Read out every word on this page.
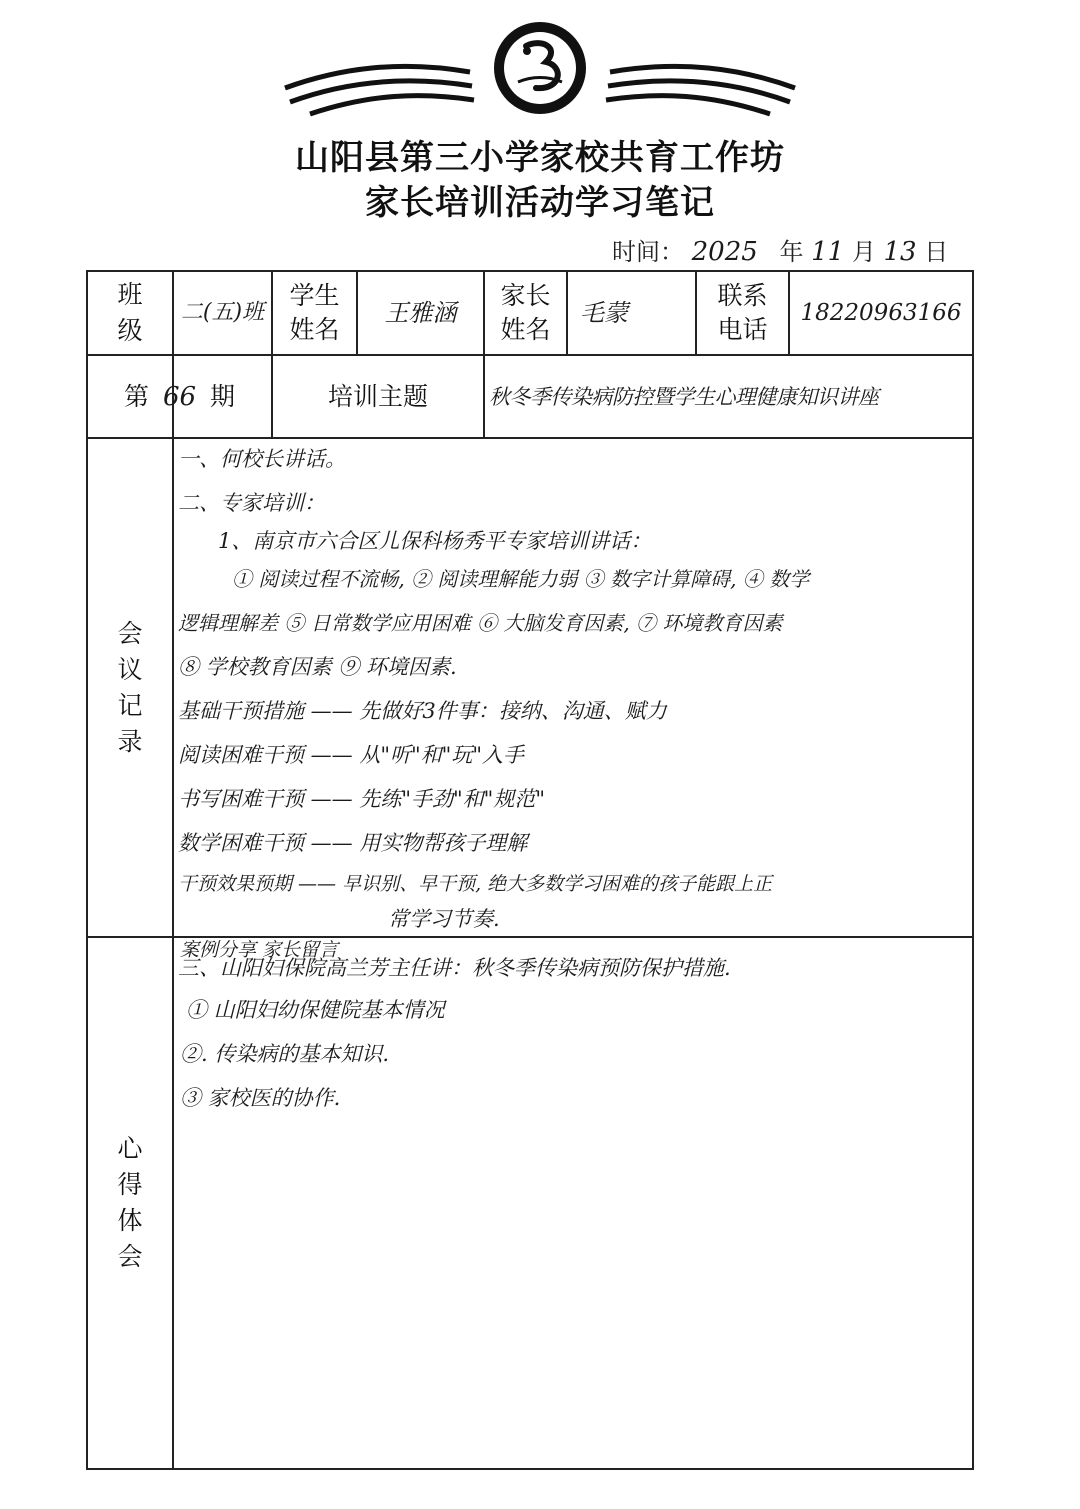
山阳县第三小学家校共育工作坊
家长培训活动学习笔记
时间： 2025 年 11 月 13 日
班级
二(五)班
学生姓名
王雅涵
家长姓名
毛蒙
联系电话
18220963166
第 66 期	培训主题	秋冬季传染病防控暨学生心理健康知识讲座
会议记录
心得体会
一、何校长讲话。
二、专家培训：
1、南京市六合区儿保科杨秀平专家培训讲话：
① 阅读过程不流畅, ② 阅读理解能力弱 ③ 数字计算障碍, ④ 数学
逻辑理解差 ⑤ 日常数学应用困难 ⑥ 大脑发育因素, ⑦ 环境教育因素
⑧ 学校教育因素 ⑨ 环境因素.
基础干预措施 —— 先做好3件事：接纳、沟通、赋力
阅读困难干预 —— 从"听"和"玩"入手
书写困难干预 —— 先练"手劲"和"规范"
数学困难干预 —— 用实物帮孩子理解
干预效果预期 —— 早识别、早干预, 绝大多数学习困难的孩子能跟上正
常学习节奏.
案例分享 家长留言
三、山阳妇保院高兰芳主任讲：秋冬季传染病预防保护措施.
① 山阳妇幼保健院基本情况
②. 传染病的基本知识.
③ 家校医的协作.
